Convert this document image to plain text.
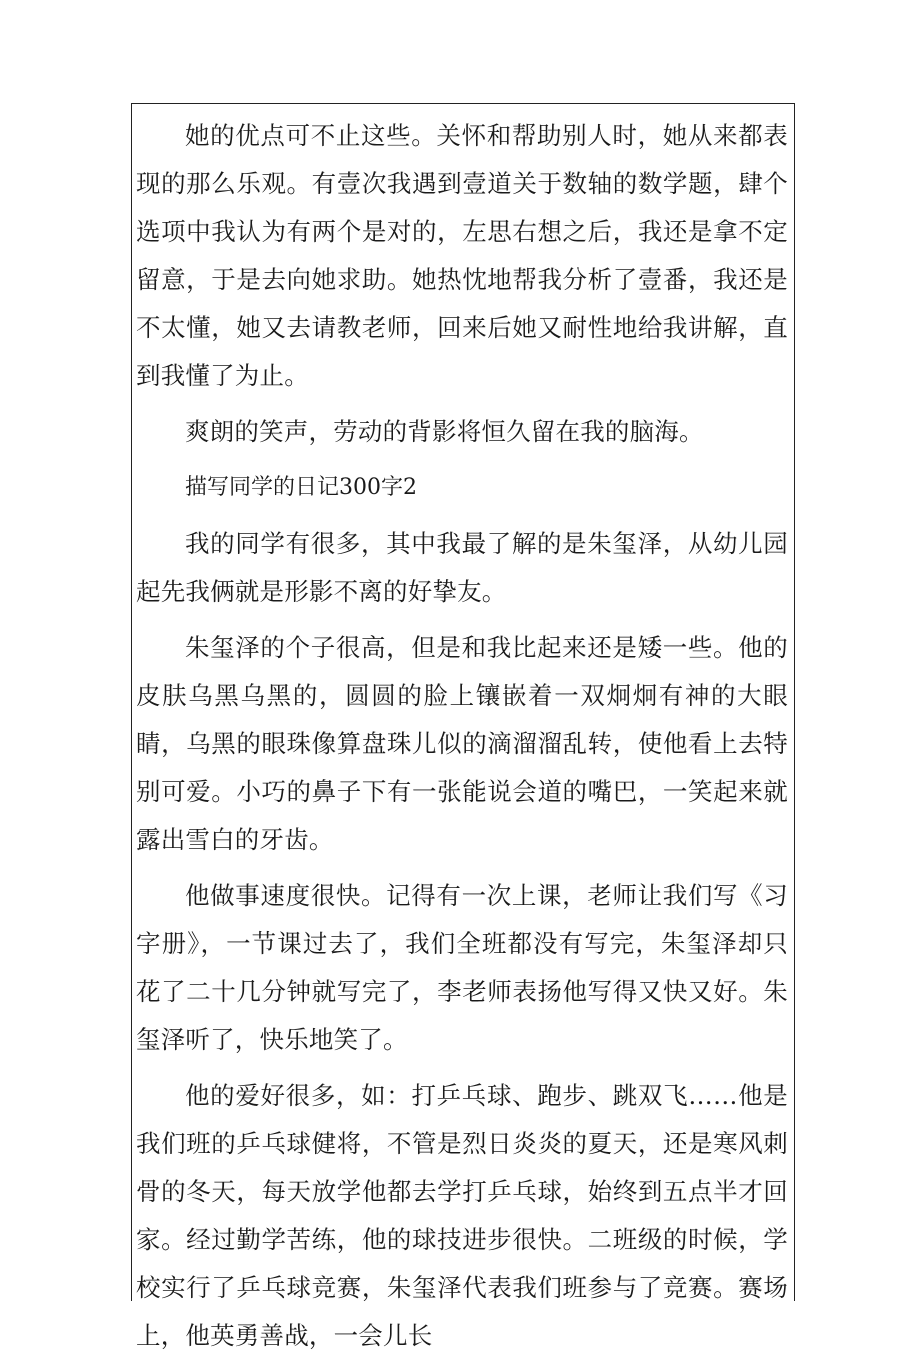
她的优点可不止这些。关怀和帮助别人时，她从来都表现的那么乐观。有壹次我遇到壹道关于数轴的数学题，肆个选项中我认为有两个是对的，左思右想之后，我还是拿不定留意，于是去向她求助。她热忱地帮我分析了壹番，我还是不太懂，她又去请教老师，回来后她又耐性地给我讲解，直到我懂了为止。

爽朗的笑声，劳动的背影将恒久留在我的脑海。

描写同学的日记300字2

我的同学有很多，其中我最了解的是朱玺泽，从幼儿园起先我俩就是形影不离的好挚友。

朱玺泽的个子很高，但是和我比起来还是矮一些。他的皮肤乌黑乌黑的，圆圆的脸上镶嵌着一双炯炯有神的大眼睛，乌黑的眼珠像算盘珠儿似的滴溜溜乱转，使他看上去特别可爱。小巧的鼻子下有一张能说会道的嘴巴，一笑起来就露出雪白的牙齿。

他做事速度很快。记得有一次上课，老师让我们写《习字册》，一节课过去了，我们全班都没有写完，朱玺泽却只花了二十几分钟就写完了，李老师表扬他写得又快又好。朱玺泽听了，快乐地笑了。

他的爱好很多，如：打乒乓球、跑步、跳双飞……他是我们班的乒乓球健将，不管是烈日炎炎的夏天，还是寒风刺骨的冬天，每天放学他都去学打乒乓球，始终到五点半才回家。经过勤学苦练，他的球技进步很快。二班级的时候，学校实行了乒乓球竞赛，朱玺泽代表我们班参与了竞赛。赛场上，他英勇善战，一会儿长
